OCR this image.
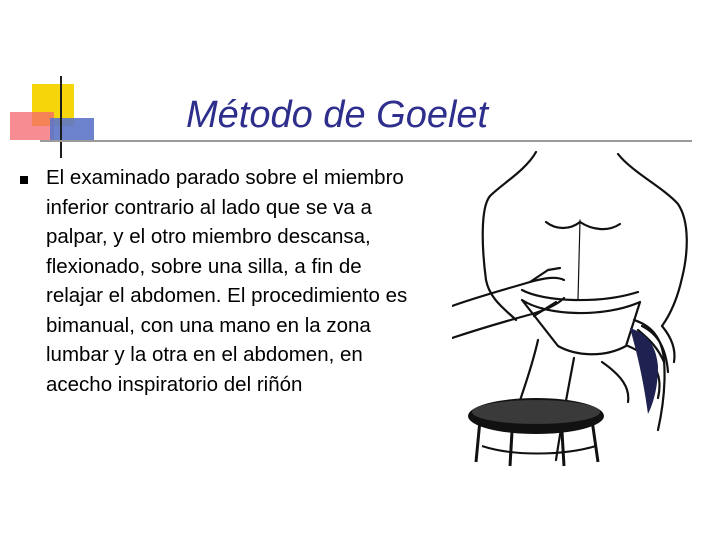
Método de Goelet

El examinado parado sobre el miembro inferior contrario al lado que se va a palpar, y el otro miembro descansa, flexionado, sobre una silla, a fin de relajar el abdomen. El procedimiento es bimanual, con una mano en la zona lumbar y la otra en el abdomen, en acecho inspiratorio del riñón
